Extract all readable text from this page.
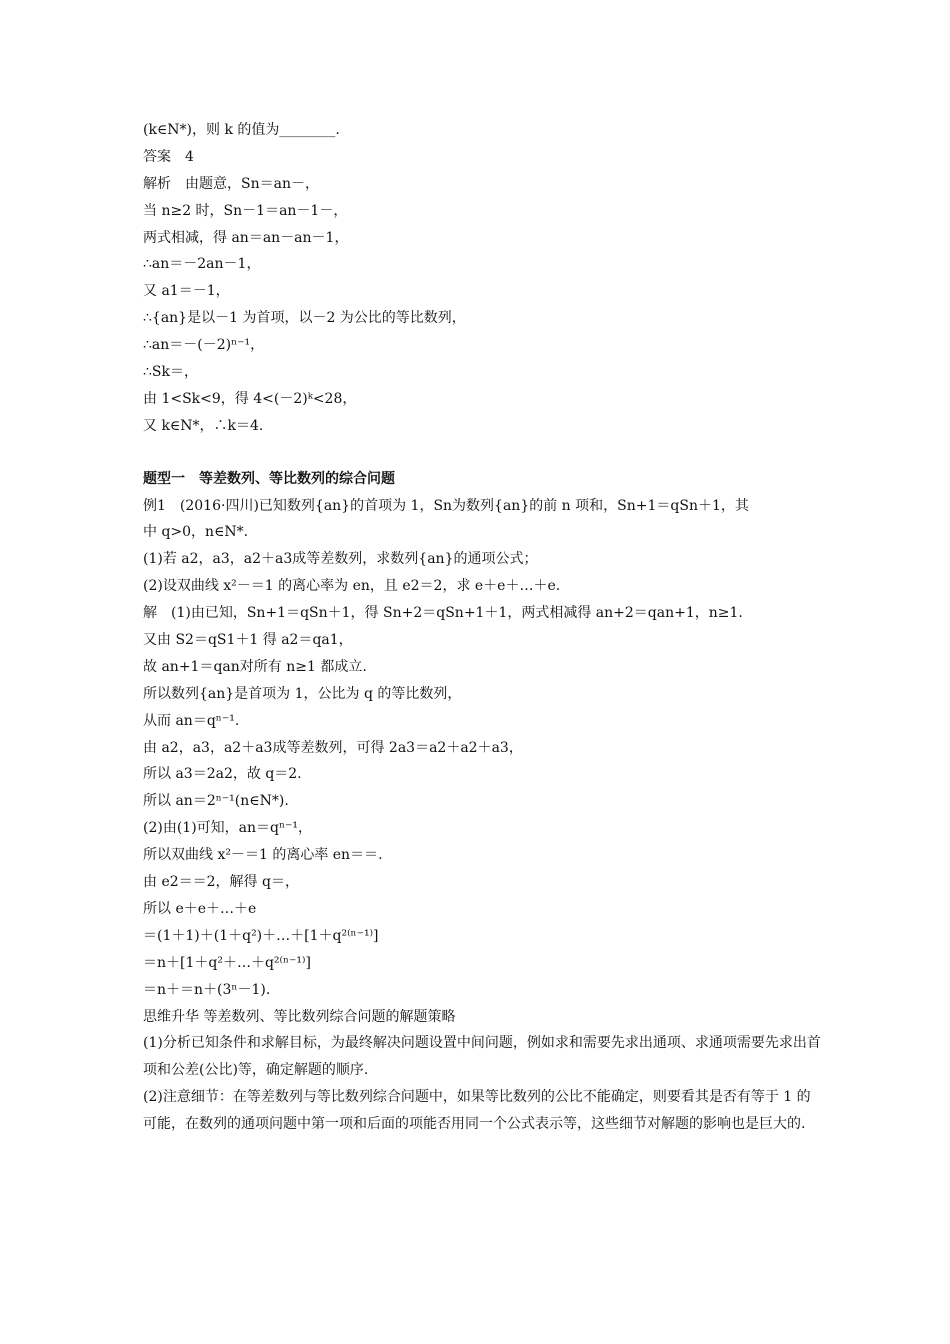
(k∈N*)，则 k 的值为________.
答案　4
解析　由题意，Sn＝an－，
当 n≥2 时，Sn－1＝an－1－，
两式相减，得 an＝an－an－1，
∴an＝－2an－1，
又 a1＝－1，
∴{an}是以－1 为首项，以－2 为公比的等比数列，
∴an＝－(－2)ⁿ⁻¹，
∴Sk＝，
由 1<Sk<9，得 4<(－2)ᵏ<28，
又 k∈N*，∴k＝4.
题型一　等差数列、等比数列的综合问题
例1　(2016·四川)已知数列{an}的首项为 1，Sn为数列{an}的前 n 项和，Sn+1＝qSn＋1，其
中 q>0，n∈N*.
(1)若 a2，a3，a2＋a3成等差数列，求数列{an}的通项公式；
(2)设双曲线 x²－＝1 的离心率为 en，且 e2＝2，求 e＋e＋…＋e.
解　(1)由已知，Sn+1＝qSn＋1，得 Sn+2＝qSn+1＋1，两式相减得 an+2＝qan+1，n≥1.
又由 S2＝qS1＋1 得 a2＝qa1，
故 an+1＝qan对所有 n≥1 都成立.
所以数列{an}是首项为 1，公比为 q 的等比数列，
从而 an＝qⁿ⁻¹.
由 a2，a3，a2＋a3成等差数列，可得 2a3＝a2＋a2＋a3，
所以 a3＝2a2，故 q＝2.
所以 an＝2ⁿ⁻¹(n∈N*).
(2)由(1)可知，an＝qⁿ⁻¹，
所以双曲线 x²－＝1 的离心率 en＝＝.
由 e2＝＝2，解得 q＝，
所以 e＋e＋…＋e
＝(1＋1)＋(1＋q²)＋…＋[1＋q²⁽ⁿ⁻¹⁾]
＝n＋[1＋q²＋…＋q²⁽ⁿ⁻¹⁾]
＝n＋＝n＋(3ⁿ－1).
思维升华 等差数列、等比数列综合问题的解题策略
(1)分析已知条件和求解目标，为最终解决问题设置中间问题，例如求和需要先求出通项、求通项需要先求出首项和公差(公比)等，确定解题的顺序.
(2)注意细节：在等差数列与等比数列综合问题中，如果等比数列的公比不能确定，则要看其是否有等于 1 的可能，在数列的通项问题中第一项和后面的项能否用同一个公式表示等，这些细节对解题的影响也是巨大的.
